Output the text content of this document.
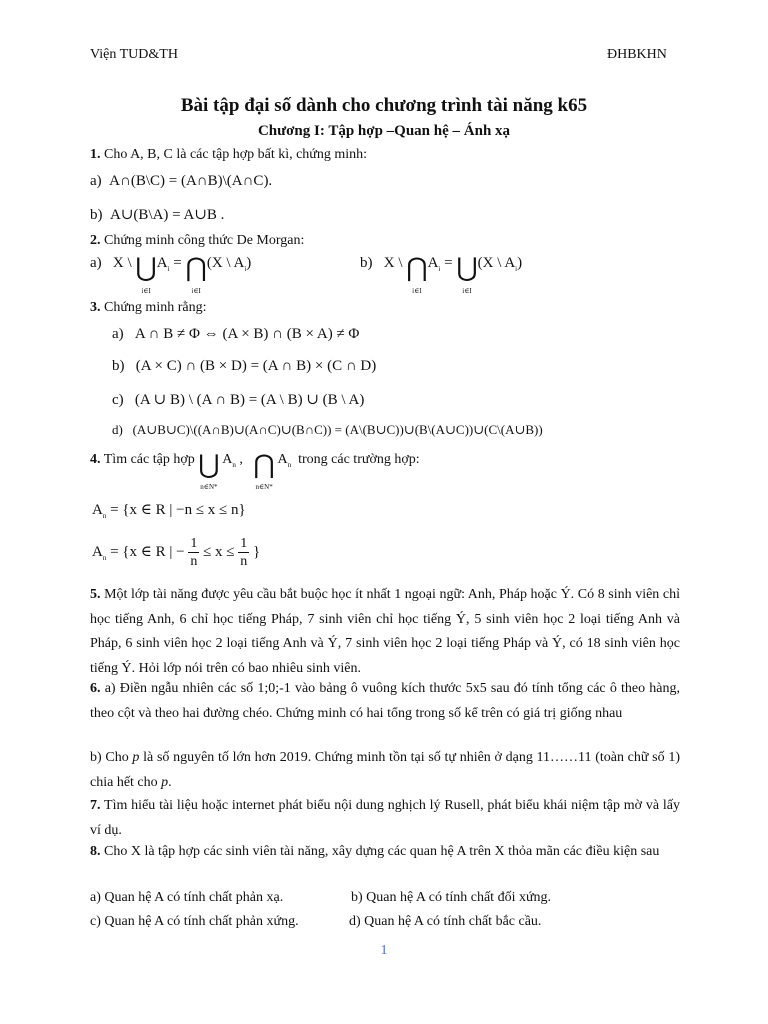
Viện TUD&TH	ĐHBKHN
Bài tập đại số dành cho chương trình tài năng k65
Chương I: Tập hợp –Quan hệ – Ánh xạ
1. Cho A, B, C là các tập hợp bất kì, chứng minh:
a) A∩(B\C) = (A∩B)\(A∩C).
b) A∪(B\A) = A∪B .
2. Chứng minh công thức De Morgan:
a) X \ ⋃
$i\in IA_i$ = ⋂
i∈I(X \ $A_i$)	b) X \ ⋂
$i\in IA_i$ = ⋃
i∈I(X \ $A_i$)
3. Chứng minh rằng:
a) A ∩ B ≠ Φ ⇔ (A × B) ∩ (B × A) ≠ Φ
b) (A × C) ∩ (B × D) = (A ∩ B) × (C ∩ D)
c) (A ∪ B) \ (A ∩ B) = (A \ B) ∪ (B \ A)
d) (A∪B∪C)\((A∩B)∪(A∩C)∪(B∩C)) = (A\(B∪C))∪(B\(A∪C))∪(C\(A∪B))
4. Tìm các tập hợp ⋃
n∈N* $A_n$ , ⋂
n∈N* $A_n$ trong các trường hợp:
$A_n = \{x$ ∈ R | −n ≤ x ≤ n}
$A_n = \{x$ ∈ R | − $\frac{1}{n} \le x \le \frac{1}{n}$ }
5. Một lớp tài năng được yêu cầu bắt buộc học ít nhất 1 ngoại ngữ: Anh, Pháp hoặc Ý. Có 8 sinh viên chỉ học tiếng Anh, 6 chỉ học tiếng Pháp, 7 sinh viên chỉ học tiếng Ý, 5 sinh viên học 2 loại tiếng Anh và Pháp, 6 sinh viên học 2 loại tiếng Anh và Ý, 7 sinh viên học 2 loại tiếng Pháp và Ý, có 18 sinh viên học tiếng Ý. Hỏi lớp nói trên có bao nhiêu sinh viên.
6. a) Điền ngẫu nhiên các số 1;0;-1 vào bảng ô vuông kích thước 5x5 sau đó tính tổng các ô theo hàng, theo cột và theo hai đường chéo. Chứng minh có hai tổng trong số kể trên có giá trị giống nhau
b) Cho p là số nguyên tố lớn hơn 2019. Chứng minh tồn tại số tự nhiên ở dạng 11……11 (toàn chữ số 1) chia hết cho p.
7. Tìm hiểu tài liệu hoặc internet phát biểu nội dung nghịch lý Rusell, phát biểu khái niệm tập mờ và lấy ví dụ.
8. Cho X là tập hợp các sinh viên tài năng, xây dựng các quan hệ A trên X thỏa mãn các điều kiện sau
a) Quan hệ A có tính chất phản xạ.	b) Quan hệ A có tính chất đối xứng.
c) Quan hệ A có tính chất phản xứng.	d) Quan hệ A có tính chất bắc cầu.
1
